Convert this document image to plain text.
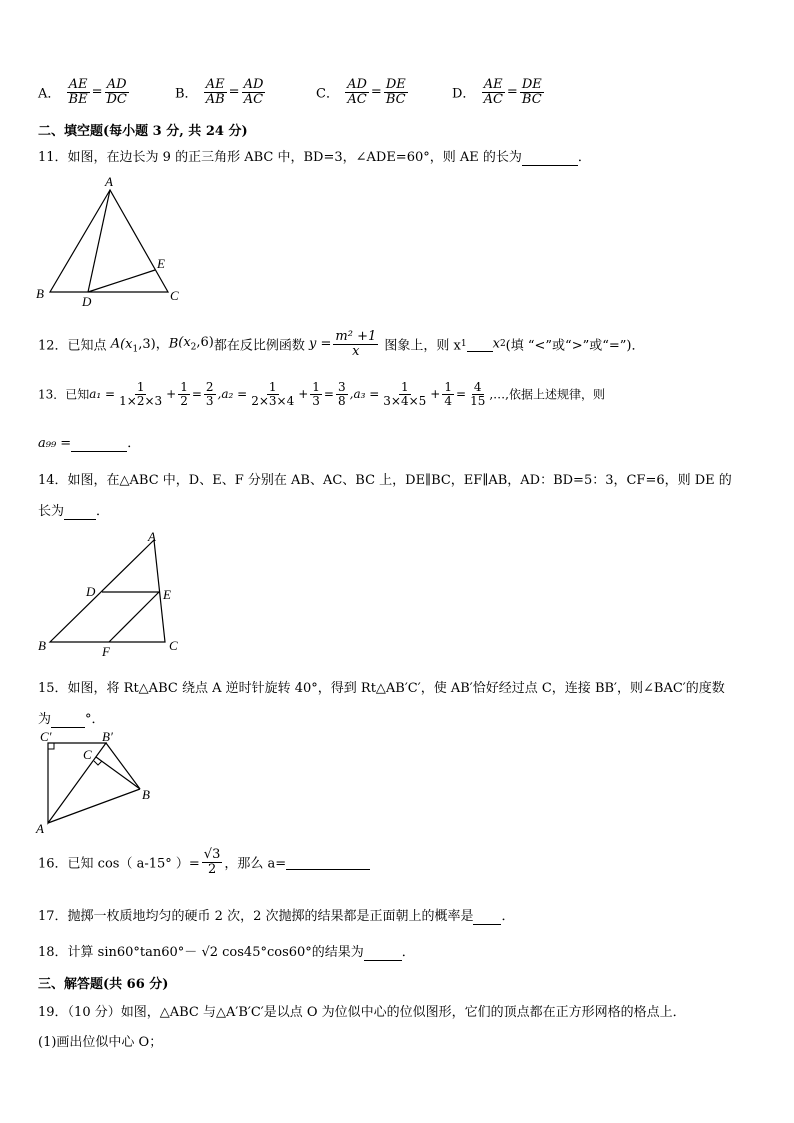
A． $\frac{AE}{BE} = \frac{AD}{DC}$	B． $\frac{AE}{AB} = \frac{AD}{AC}$	C． $\frac{AD}{AC} = \frac{DE}{BC}$	D． $\frac{AE}{AC} = \frac{DE}{BC}$
二、填空题(每小题 3 分, 共 24 分)
11．如图，在边长为 9 的正三角形 ABC 中，BD=3，∠ADE=60°，则 AE 的长为	．
A
B	C
D
E
12．已知点 $A(x_1,3)$，$B(x_2,6)$都在反比例函数 $y = \frac{\text{m² +1}}{x}$ 图象上，则 x1 x2(填 “<”或“>”或“=”)．
13．已知$a_1 = \frac{1}{1\times 2\times 3} + \frac{1}{2} = \frac{2}{3} ,a_2 = \frac{1}{2\times 3\times 4} + \frac{1}{3} = \frac{3}{8} ,a_3 = \frac{1}{3\times 4\times 5} + \frac{1}{4} = \frac{4}{15}$ ,…,依据上述规律，则
a₉₉ =	．
14．如图，在△ABC 中，D、E、F 分别在 AB、AC、BC 上，DE∥BC，EF∥AB，AD：BD=5：3，CF=6，则 DE 的
长为 ．
A
B	C
D	E
F
15．如图，将 Rt△ABC 绕点 A 逆时针旋转 40°，得到 Rt△AB′C′，使 AB′恰好经过点 C，连接 BB′，则∠BAC′的度数
为	°．
C′	B′
C
B
A
16．已知 cos（ a-15° ）= $\frac{√3}{2}$ ，那么 a=
17．抛掷一枚质地均匀的硬币 2 次，2 次抛掷的结果都是正面朝上的概率是 ．
18．计算 sin60°tan60°－ √2 cos45°cos60°的结果为	．
三、解答题(共 66 分)
19．（10 分）如图，△ABC 与△A′B′C′是以点 O 为位似中心的位似图形，它们的顶点都在正方形网格的格点上．
(1)画出位似中心 O；
